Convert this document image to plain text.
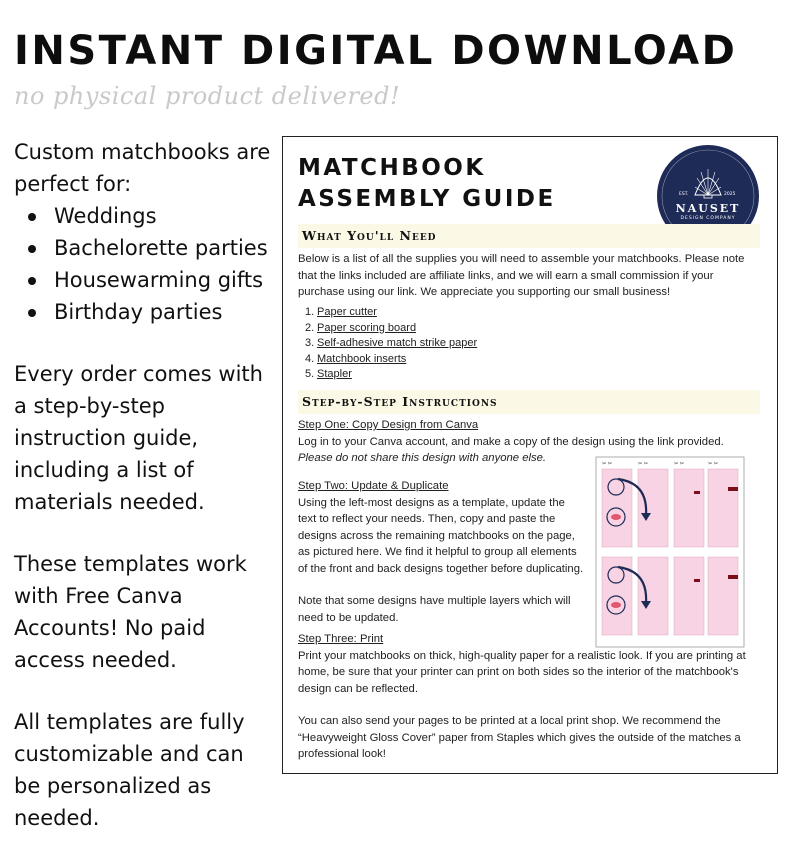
INSTANT DIGITAL DOWNLOAD
no physical product delivered!

Custom matchbooks are perfect for:

Weddings
Bachelorette parties
Housewarming gifts
Birthday parties

Every order comes with a step-by-step instruction guide, including a list of materials needed.

These templates work with Free Canva Accounts! No paid access needed.

All templates are fully customizable and can be personalized as needed.

MATCHBOOK
ASSEMBLY GUIDE	EST.	2025
NAUSET
DESIGN COMPANY
What You'll Need
Below is a list of all the supplies you will need to assemble your matchbooks. Please note that the links included are affiliate links, and we will earn a small commission if your purchase using our link. We appreciate you supporting our small business!
1. Paper cutter
2. Paper scoring board
3. Self-adhesive match strike paper
4. Matchbook inserts
5. Stapler
Step-by-Step Instructions
Step One: Copy Design from Canva
Log in to your Canva account, and make a copy of the design using the link provided. Please do not share this design with anyone else.
Step Two: Update & Duplicate
Using the left-most designs as a template, update the text to reflect your needs. Then, copy and paste the designs across the remaining matchbooks on the page, as pictured here. We find it helpful to group all elements of the front and back designs together before duplicating.
Note that some designs have multiple layers which will need to be updated.
✂ ✂	✂ ✂	✂ ✂	✂ ✂
Step Three: Print
Print your matchbooks on thick, high-quality paper for a realistic look. If you are printing at home, be sure that your printer can print on both sides so the interior of the matchbook's design can be reflected.
You can also send your pages to be printed at a local print shop. We recommend the “Heavyweight Gloss Cover” paper from Staples which gives the outside of the matches a professional look!
